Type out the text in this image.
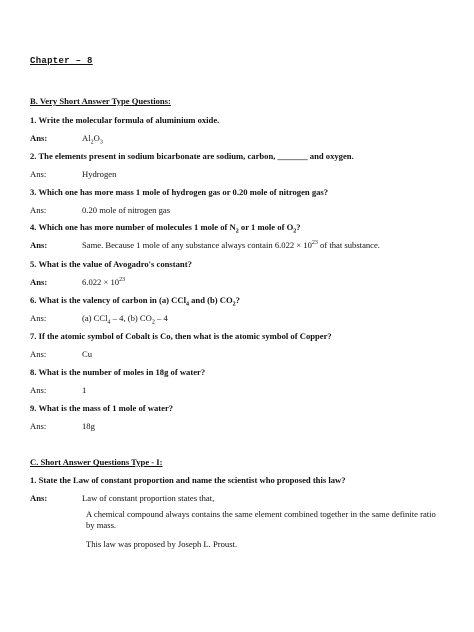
Chapter – 8
B. Very Short Answer Type Questions:
1. Write the molecular formula of aluminium oxide.
Ans:	$Al_2O_3$
2. The elements present in sodium bicarbonate are sodium, carbon, _______ and oxygen.
Ans:	Hydrogen
3. Which one has more mass 1 mole of hydrogen gas or 0.20 mole of nitrogen gas?
Ans:	0.20 mole of nitrogen gas
4. Which one has more number of molecules 1 mole of $N_2$ or 1 mole of $O_2$?
Ans:	Same. Because 1 mole of any substance always contain $6.022 \times 10^{23}$ of that substance.
5. What is the value of Avogadro's constant?
Ans:	$6.022 \times 10^{23}$
6. What is the valency of carbon in (a) CCl$_4$ and (b) $CO_2$?
Ans:	(a) CCl$_4$ – 4, (b) $CO_2 - 4$
7. If the atomic symbol of Cobalt is Co, then what is the atomic symbol of Copper?
Ans:	Cu
8. What is the number of moles in 18g of water?
Ans:	1
9. What is the mass of 1 mole of water?
Ans:	18g
C. Short Answer Questions Type - I:
1. State the Law of constant proportion and name the scientist who proposed this law?
Ans:	Law of constant proportion states that,
A chemical compound always contains the same element combined together in the same definite ratio by mass.
This law was proposed by Joseph L. Proust.
